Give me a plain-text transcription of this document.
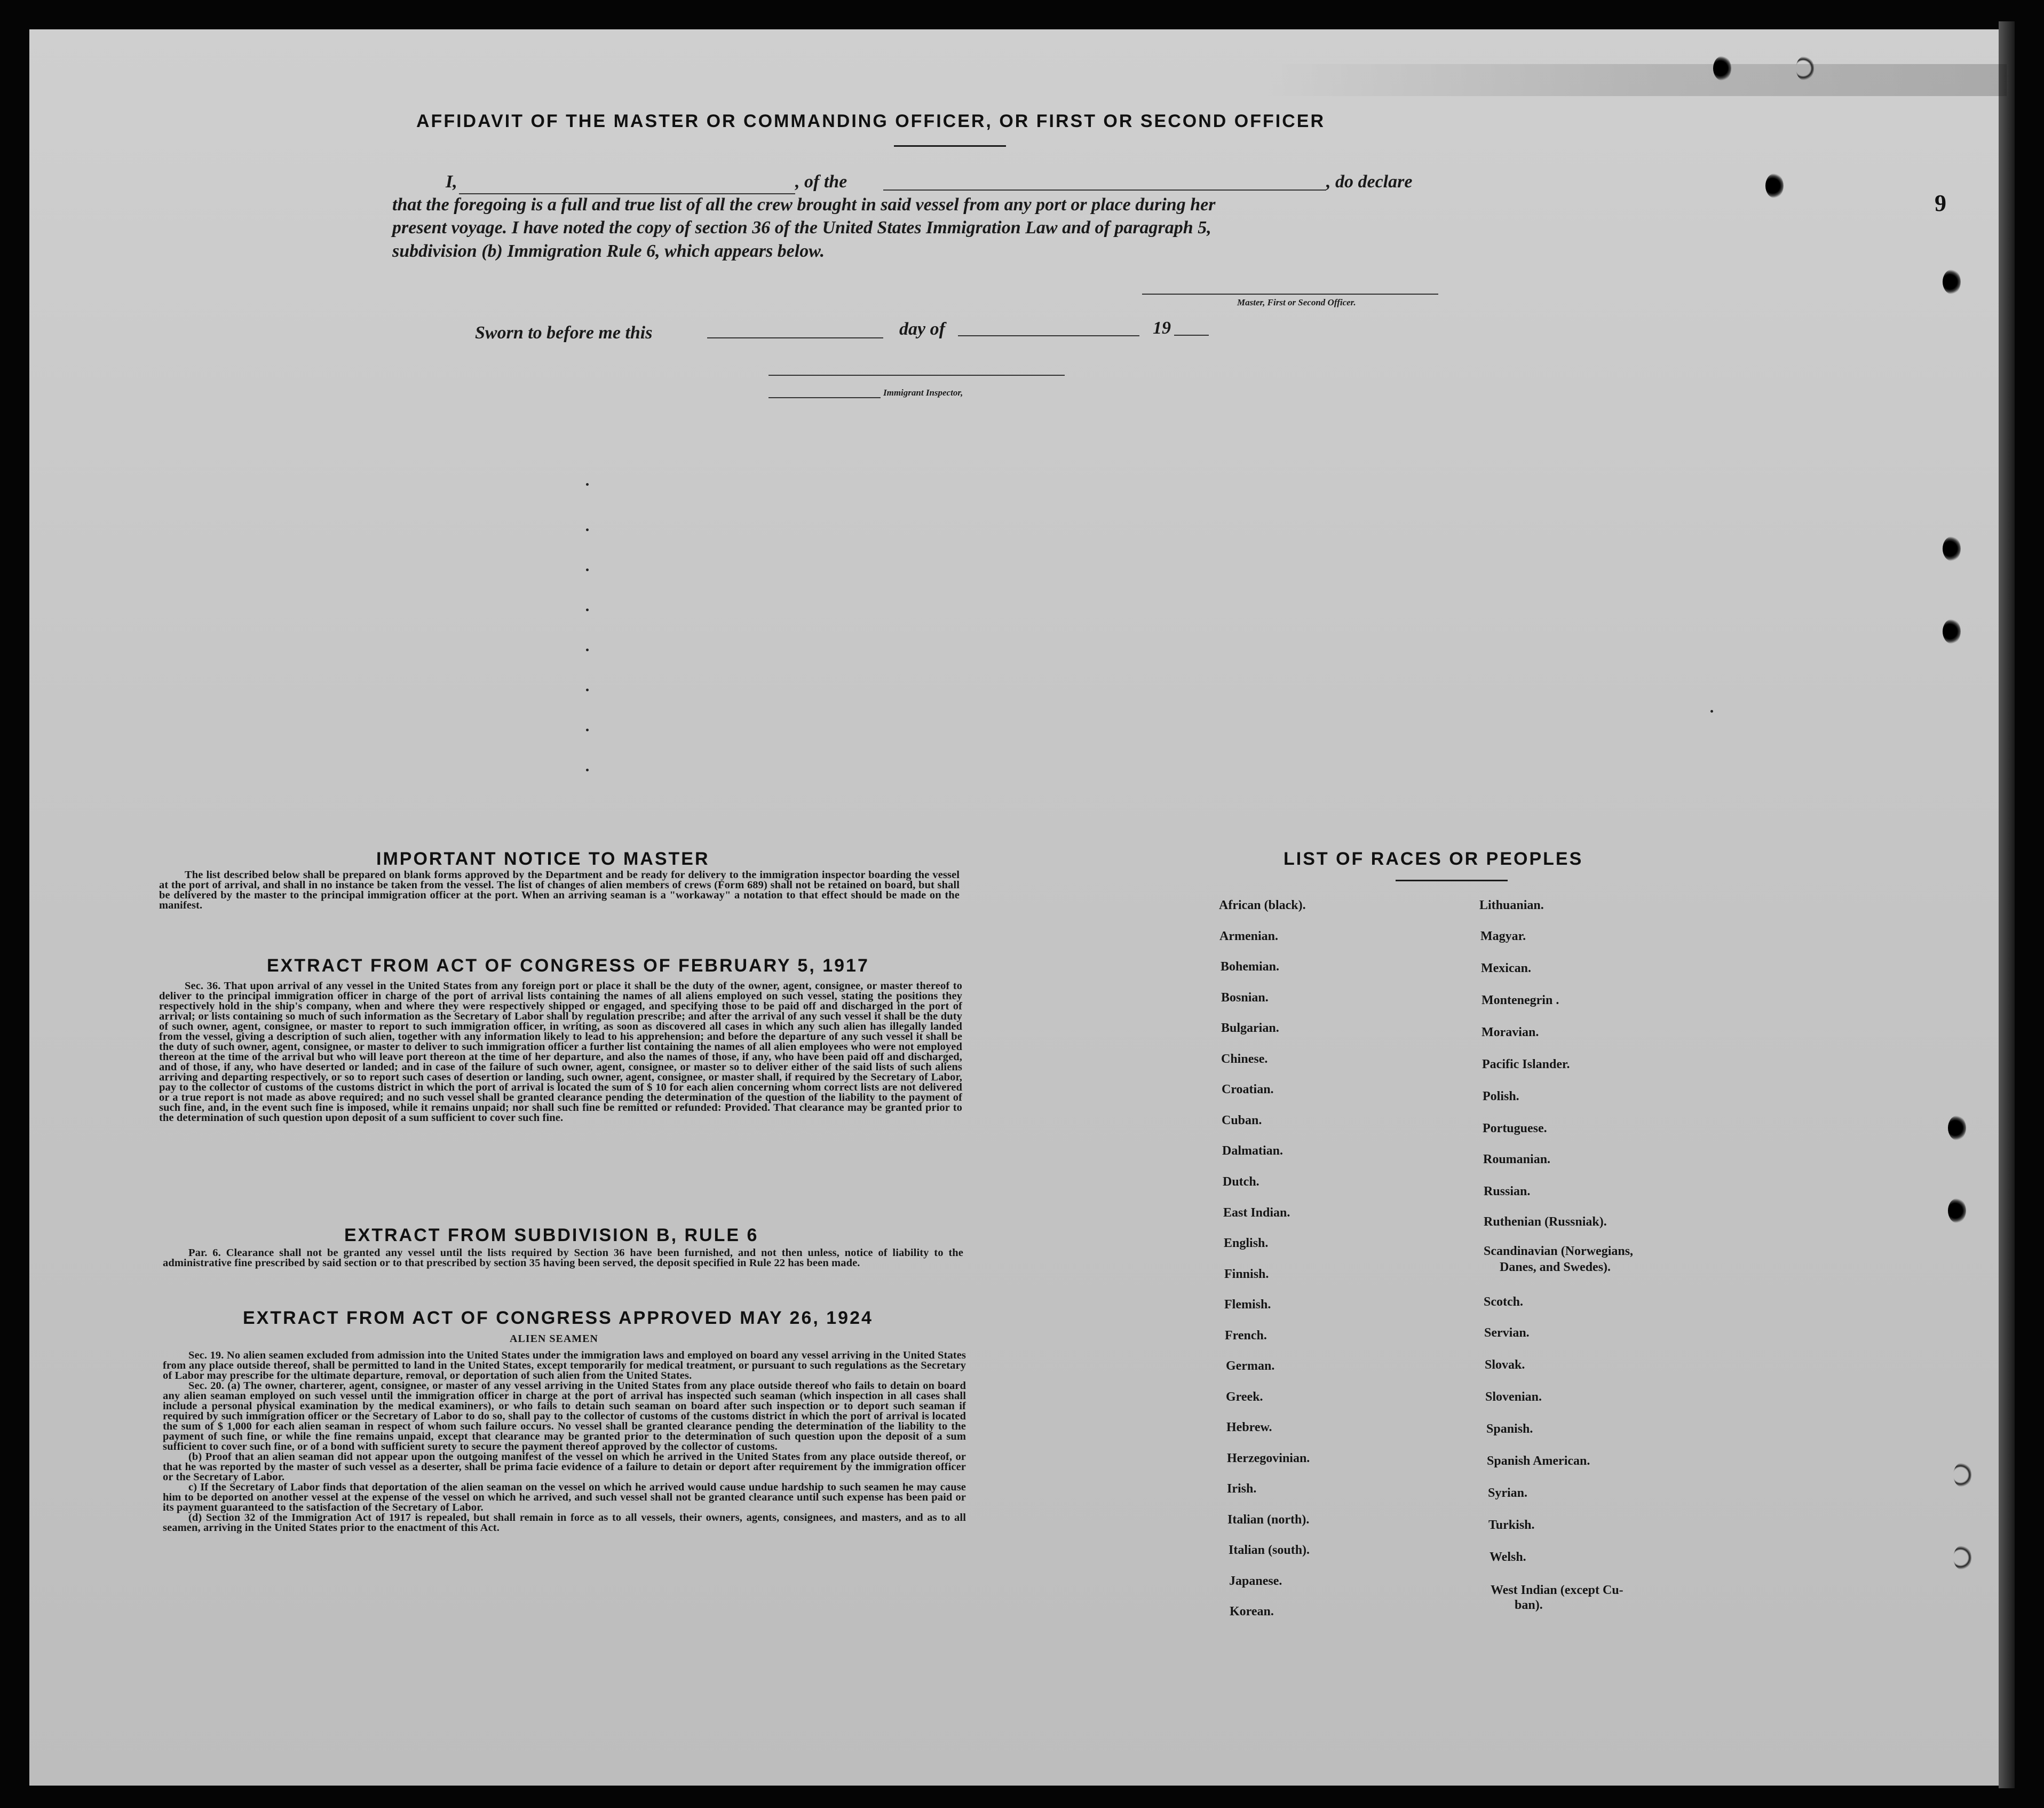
9
AFFIDAVIT OF THE MASTER OR COMMANDING OFFICER, OR FIRST OR SECOND OFFICER
I,	, of the	, do declare
that the foregoing is a full and true list of all the crew brought in said vessel from any port or place during her
present voyage. I have noted the copy of section 36 of the United States Immigration Law and of paragraph 5,
subdivision (b) Immigration Rule 6, which appears below.
Master, First or Second Officer.
Sworn to before me this	day of	19
Immigrant Inspector,
IMPORTANT NOTICE TO MASTER

The list described below shall be prepared on blank forms approved by the Department and be ready for delivery to the immigration inspector boarding the vessel at the port of arrival, and shall in no instance be taken from the vessel. The list of changes of alien members of crews (Form 689) shall not be retained on board, but shall be delivered by the master to the principal immigration officer at the port. When an arriving seaman is a "workaway" a notation to that effect should be made on the manifest.

EXTRACT FROM ACT OF CONGRESS OF FEBRUARY 5, 1917

Sec. 36. That upon arrival of any vessel in the United States from any foreign port or place it shall be the duty of the owner, agent, consignee, or master thereof to deliver to the principal immigration officer in charge of the port of arrival lists containing the names of all aliens employed on such vessel, stating the positions they respectively hold in the ship's company, when and where they were respectively shipped or engaged, and specifying those to be paid off and discharged in the port of arrival; or lists containing so much of such information as the Secretary of Labor shall by regulation prescribe; and after the arrival of any such vessel it shall be the duty of such owner, agent, consignee, or master to report to such immigration officer, in writing, as soon as discovered all cases in which any such alien has illegally landed from the vessel, giving a description of such alien, together with any information likely to lead to his apprehension; and before the departure of any such vessel it shall be the duty of such owner, agent, consignee, or master to deliver to such immigration officer a further list containing the names of all alien employees who were not employed thereon at the time of the arrival but who will leave port thereon at the time of her departure, and also the names of those, if any, who have been paid off and discharged, and of those, if any, who have deserted or landed; and in case of the failure of such owner, agent, consignee, or master so to deliver either of the said lists of such aliens arriving and departing respectively, or so to report such cases of desertion or landing, such owner, agent, consignee, or master shall, if required by the Secretary of Labor, pay to the collector of customs of the customs district in which the port of arrival is located the sum of $ 10 for each alien concerning whom correct lists are not delivered or a true report is not made as above required; and no such vessel shall be granted clearance pending the determination of the question of the liability to the payment of such fine, and, in the event such fine is imposed, while it remains unpaid; nor shall such fine be remitted or refunded: Provided. That clearance may be granted prior to the determination of such question upon deposit of a sum sufficient to cover such fine.

EXTRACT FROM SUBDIVISION B, RULE 6

Par. 6. Clearance shall not be granted any vessel until the lists required by Section 36 have been furnished, and not then unless, notice of liability to the administrative fine prescribed by said section or to that prescribed by section 35 having been served, the deposit specified in Rule 22 has been made.

EXTRACT FROM ACT OF CONGRESS APPROVED MAY 26, 1924
ALIEN SEAMEN

Sec. 19. No alien seamen excluded from admission into the United States under the immigration laws and employed on board any vessel arriving in the United States from any place outside thereof, shall be permitted to land in the United States, except temporarily for medical treatment, or pursuant to such regulations as the Secretary of Labor may prescribe for the ultimate departure, removal, or deportation of such alien from the United States.

Sec. 20. (a) The owner, charterer, agent, consignee, or master of any vessel arriving in the United States from any place outside thereof who fails to detain on board any alien seaman employed on such vessel until the immigration officer in charge at the port of arrival has inspected such seaman (which inspection in all cases shall include a personal physical examination by the medical examiners), or who fails to detain such seaman on board after such inspection or to deport such seaman if required by such immigration officer or the Secretary of Labor to do so, shall pay to the collector of customs of the customs district in which the port of arrival is located the sum of $ 1,000 for each alien seaman in respect of whom such failure occurs. No vessel shall be granted clearance pending the determination of the liability to the payment of such fine, or while the fine remains unpaid, except that clearance may be granted prior to the determination of such question upon the deposit of a sum sufficient to cover such fine, or of a bond with sufficient surety to secure the payment thereof approved by the collector of customs.

(b) Proof that an alien seaman did not appear upon the outgoing manifest of the vessel on which he arrived in the United States from any place outside thereof, or that he was reported by the master of such vessel as a deserter, shall be prima facie evidence of a failure to detain or deport after requirement by the immigration officer or the Secretary of Labor.

c) If the Secretary of Labor finds that deportation of the alien seaman on the vessel on which he arrived would cause undue hardship to such seamen he may cause him to be deported on another vessel at the expense of the vessel on which he arrived, and such vessel shall not be granted clearance until such expense has been paid or its payment guaranteed to the satisfaction of the Secretary of Labor.

(d) Section 32 of the Immigration Act of 1917 is repealed, but shall remain in force as to all vessels, their owners, agents, consignees, and masters, and as to all seamen, arriving in the United States prior to the enactment of this Act.

LIST OF RACES OR PEOPLES
African (black).
Armenian.
Bohemian.
Bosnian.
Bulgarian.
Chinese.
Croatian.
Cuban.
Dalmatian.
Dutch.
East Indian.
English.
Finnish.
Flemish.
French.
German.
Greek.
Hebrew.
Herzegovinian.
Irish.
Italian (north).
Italian (south).
Japanese.
Korean.
Lithuanian.
Magyar.
Mexican.
Montenegrin .
Moravian.
Pacific Islander.
Polish.
Portuguese.
Roumanian.
Russian.
Ruthenian (Russniak).
Scandinavian (Norwegians,
Danes, and Swedes).
Scotch.
Servian.
Slovak.
Slovenian.
Spanish.
Spanish American.
Syrian.
Turkish.
Welsh.
West Indian (except Cu-
ban).
